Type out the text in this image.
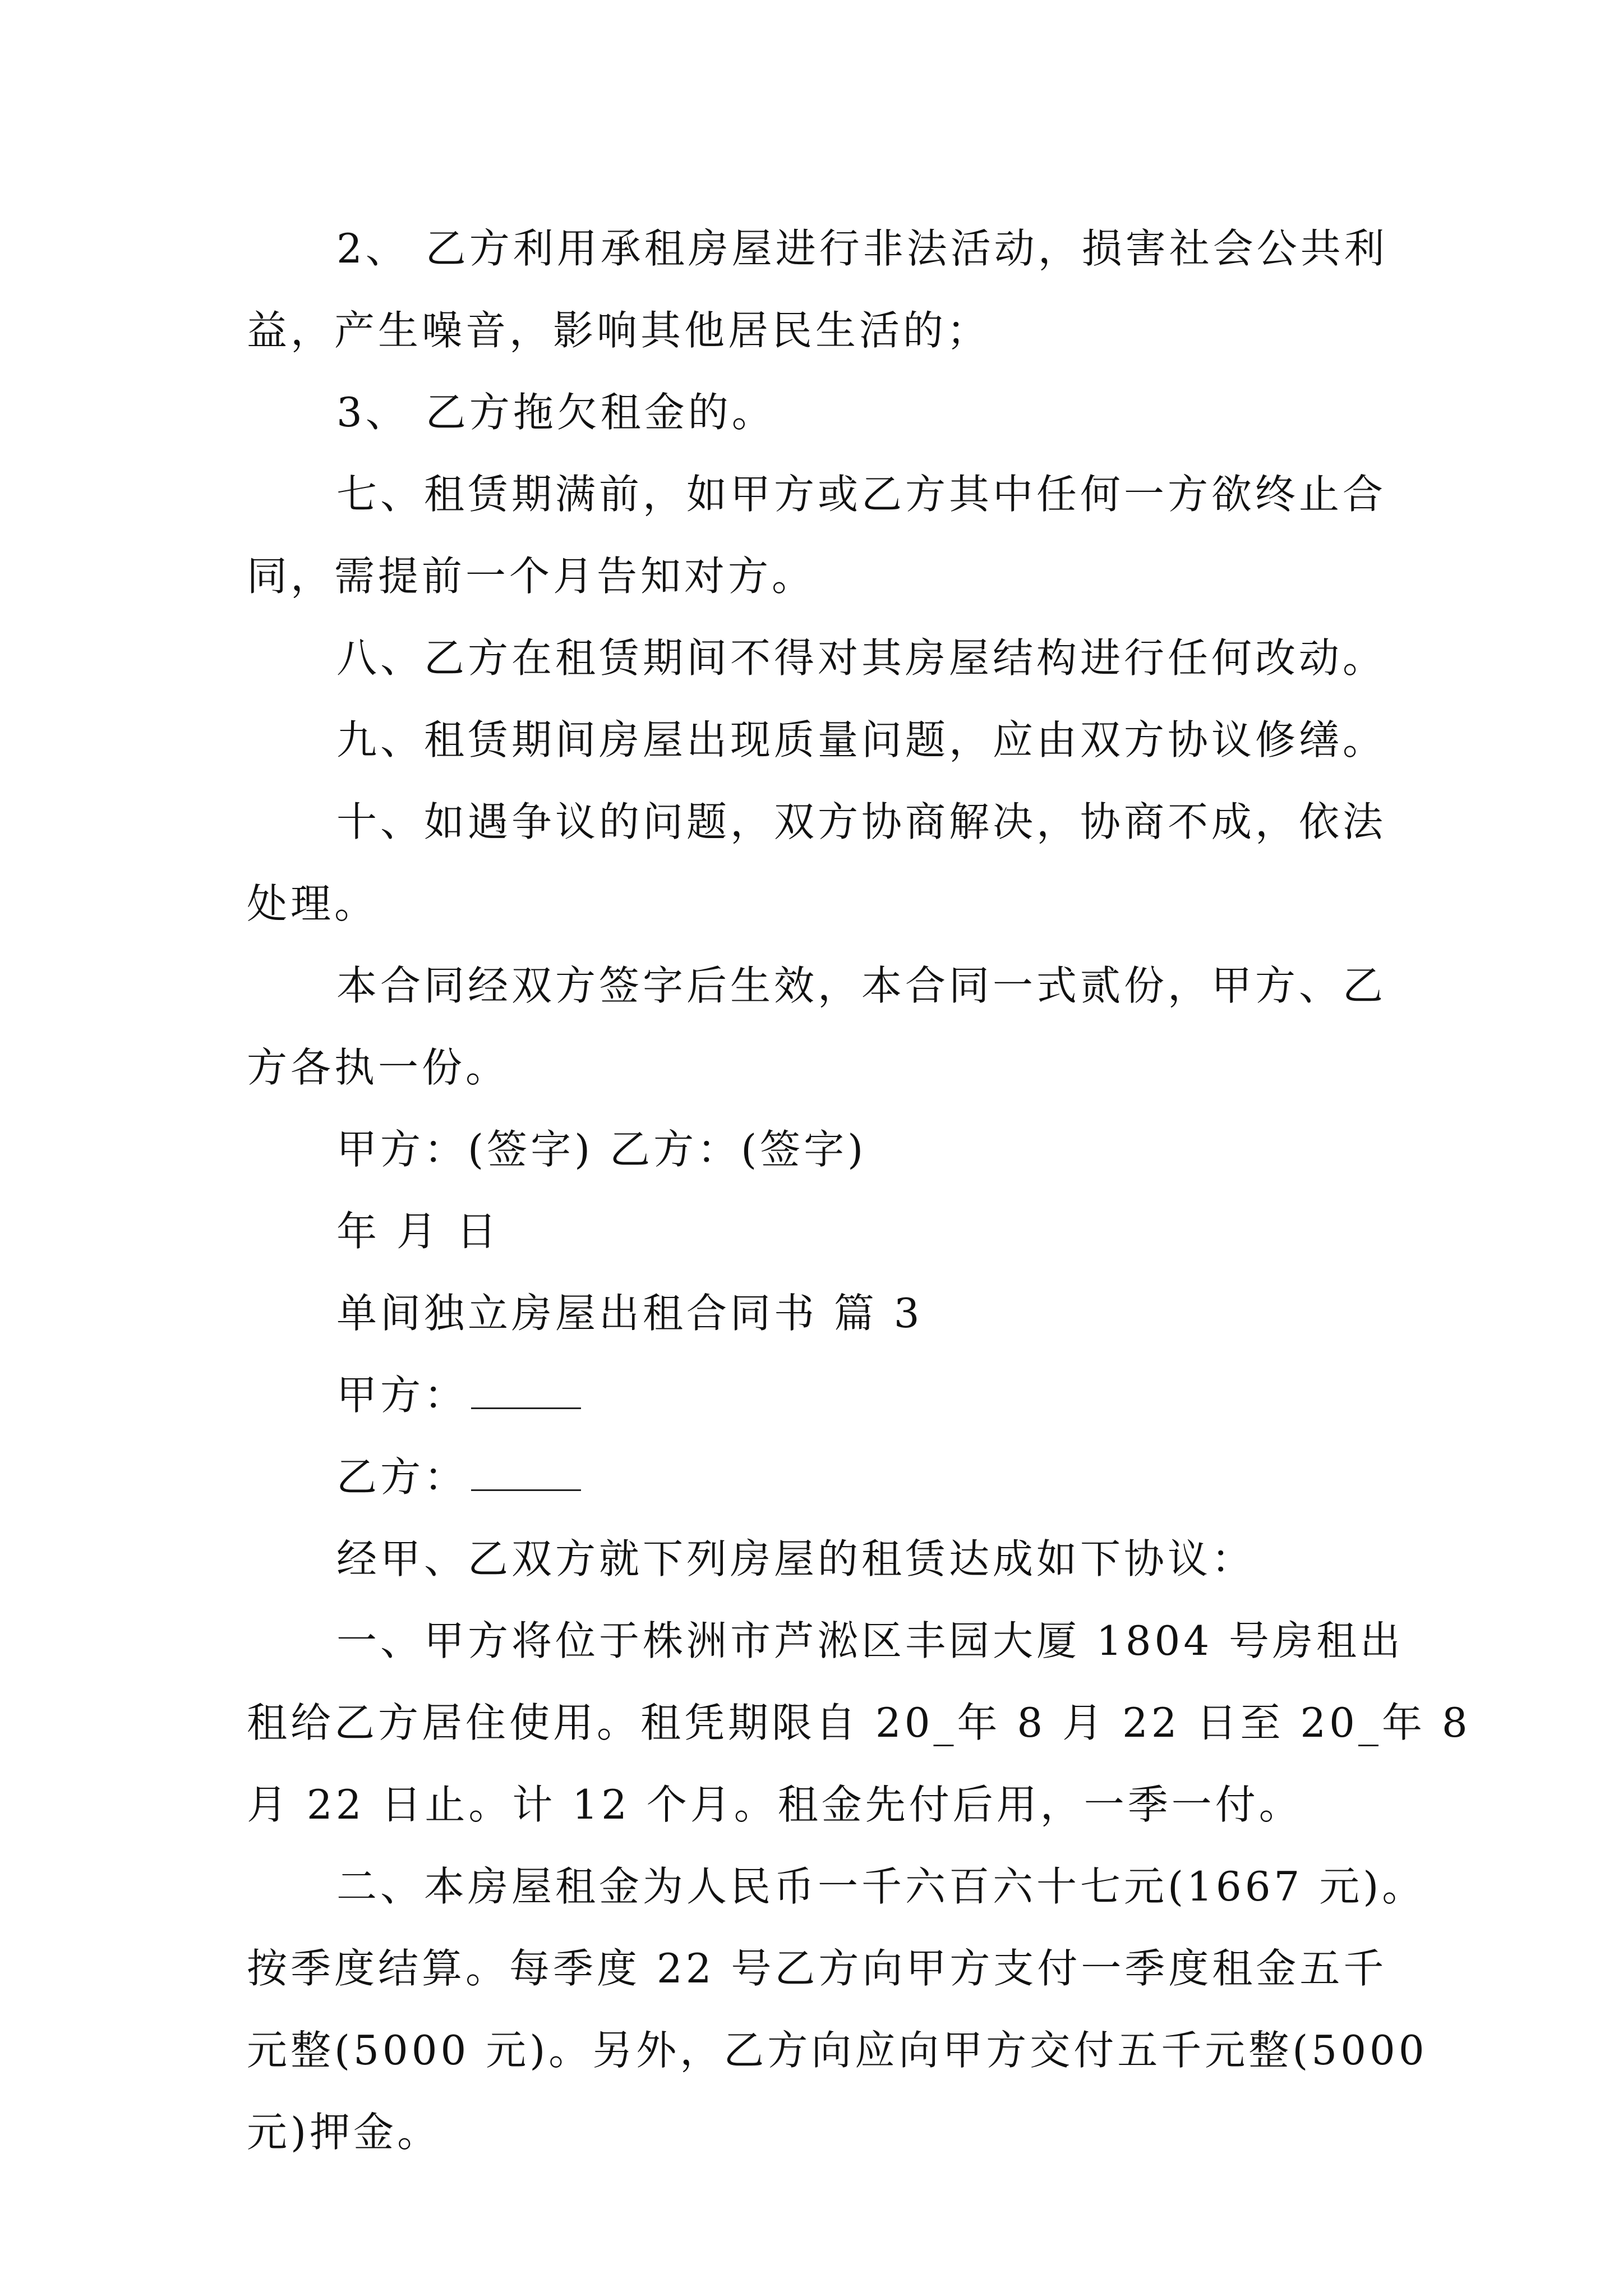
2、 乙方利用承租房屋进行非法活动，损害社会公共利

益，产生噪音，影响其他居民生活的；

3、 乙方拖欠租金的。

七、租赁期满前，如甲方或乙方其中任何一方欲终止合

同，需提前一个月告知对方。

八、乙方在租赁期间不得对其房屋结构进行任何改动。

九、租赁期间房屋出现质量问题，应由双方协议修缮。

十、如遇争议的问题，双方协商解决，协商不成，依法

处理。

本合同经双方签字后生效，本合同一式贰份，甲方、乙

方各执一份。

甲方：(签字) 乙方：(签字)

年 月 日

单间独立房屋出租合同书 篇 3

甲方：

乙方：

经甲、乙双方就下列房屋的租赁达成如下协议：

一、甲方将位于株洲市芦淞区丰园大厦 1804 号房租出

租给乙方居住使用。租凭期限自 20_年 8 月 22 日至 20_年 8

月 22 日止。计 12 个月。租金先付后用，一季一付。

二、本房屋租金为人民币一千六百六十七元(1667 元)。

按季度结算。每季度 22 号乙方向甲方支付一季度租金五千

元整(5000 元)。另外，乙方向应向甲方交付五千元整(5000

元)押金。
